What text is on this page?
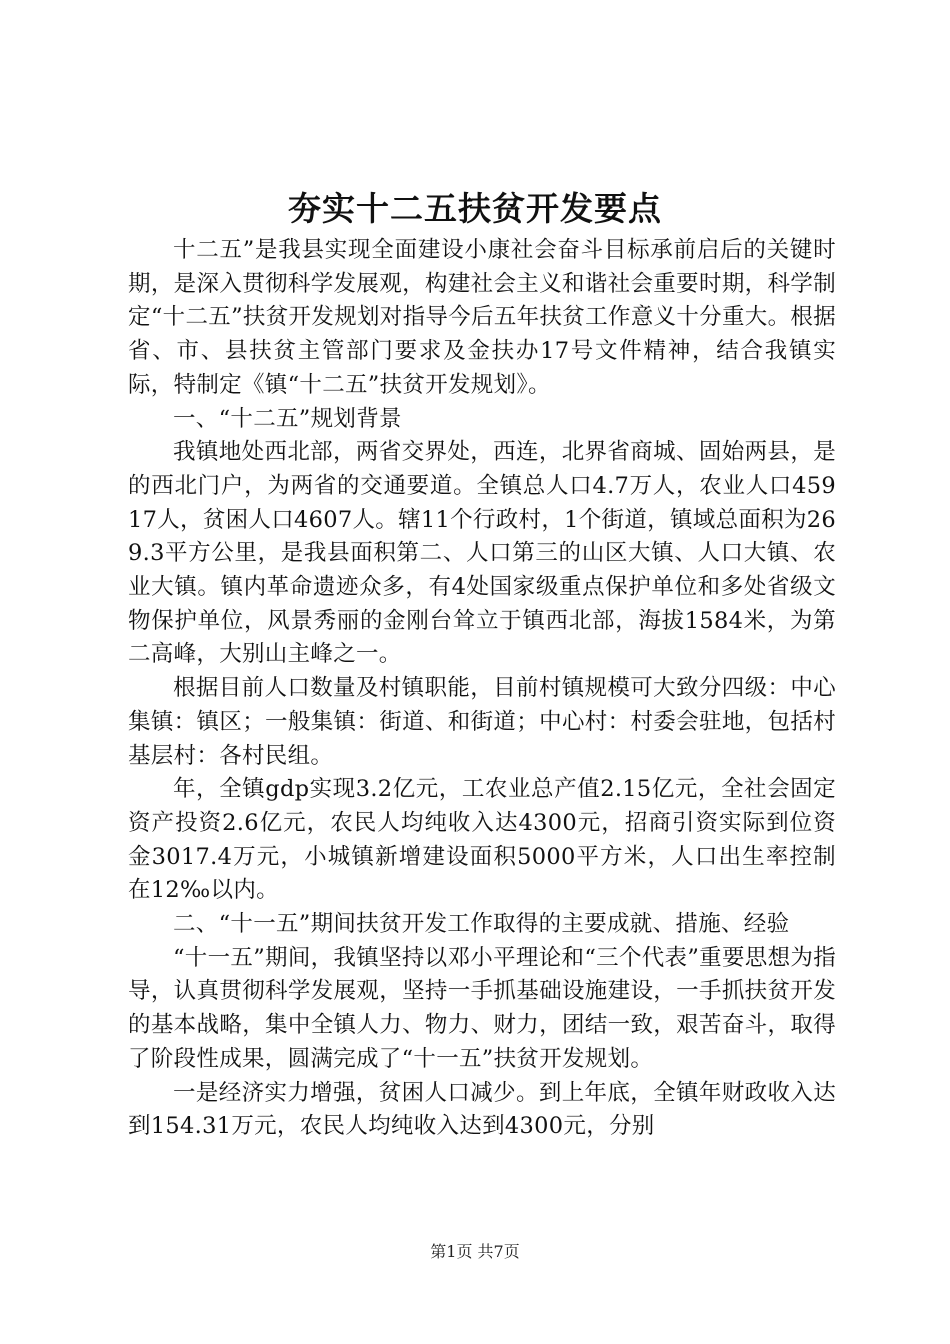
夯实十二五扶贫开发要点

十二五”是我县实现全面建设小康社会奋斗目标承前启后的关键时期，是深入贯彻科学发展观，构建社会主义和谐社会重要时期，科学制定“十二五”扶贫开发规划对指导今后五年扶贫工作意义十分重大。根据省、市、县扶贫主管部门要求及金扶办17号文件精神，结合我镇实际，特制定《镇“十二五”扶贫开发规划》。

一、“十二五”规划背景

我镇地处西北部，两省交界处，西连，北界省商城、固始两县，是的西北门户，为两省的交通要道。全镇总人口4.7万人，农业人口45917人，贫困人口4607人。辖11个行政村，1个街道，镇域总面积为269.3平方公里，是我县面积第二、人口第三的山区大镇、人口大镇、农业大镇。镇内革命遗迹众多，有4处国家级重点保护单位和多处省级文物保护单位，风景秀丽的金刚台耸立于镇西北部，海拔1584米，为第二高峰，大别山主峰之一。

根据目前人口数量及村镇职能，目前村镇规模可大致分四级：中心集镇：镇区；一般集镇：街道、和街道；中心村：村委会驻地，包括村基层村：各村民组。

年，全镇gdp实现3.2亿元，工农业总产值2.15亿元，全社会固定资产投资2.6亿元，农民人均纯收入达4300元，招商引资实际到位资金3017.4万元，小城镇新增建设面积5000平方米，人口出生率控制在12‰以内。

二、“十一五”期间扶贫开发工作取得的主要成就、措施、经验

“十一五”期间，我镇坚持以邓小平理论和“三个代表”重要思想为指导，认真贯彻科学发展观，坚持一手抓基础设施建设，一手抓扶贫开发的基本战略，集中全镇人力、物力、财力，团结一致，艰苦奋斗，取得了阶段性成果，圆满完成了“十一五”扶贫开发规划。

一是经济实力增强，贫困人口减少。到上年底，全镇年财政收入达到154.31万元，农民人均纯收入达到4300元，分别

第1页 共7页
